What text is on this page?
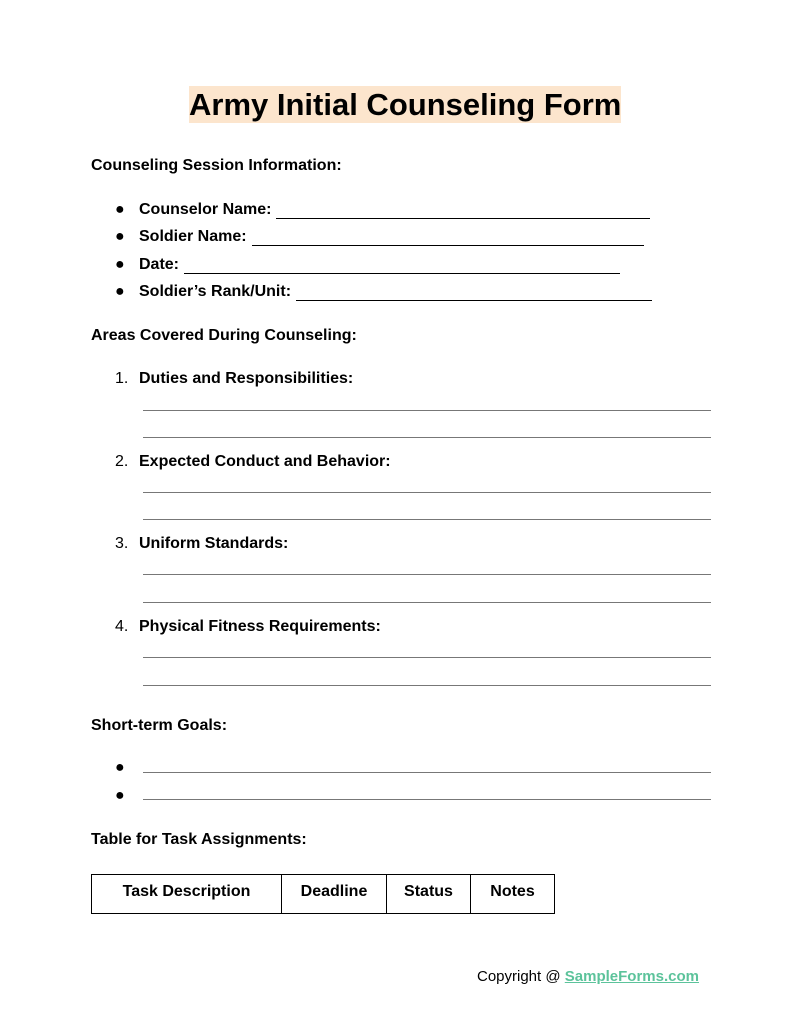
Army Initial Counseling Form
Counseling Session Information:
● Counselor Name:
● Soldier Name:
● Date:
● Soldier’s Rank/Unit:
Areas Covered During Counseling:
1. Duties and Responsibilities:
2. Expected Conduct and Behavior:
3. Uniform Standards:
4. Physical Fitness Requirements:
Short-term Goals:
●
●
Table for Task Assignments:
Task Description	Deadline	Status	Notes
Copyright @ SampleForms.com
